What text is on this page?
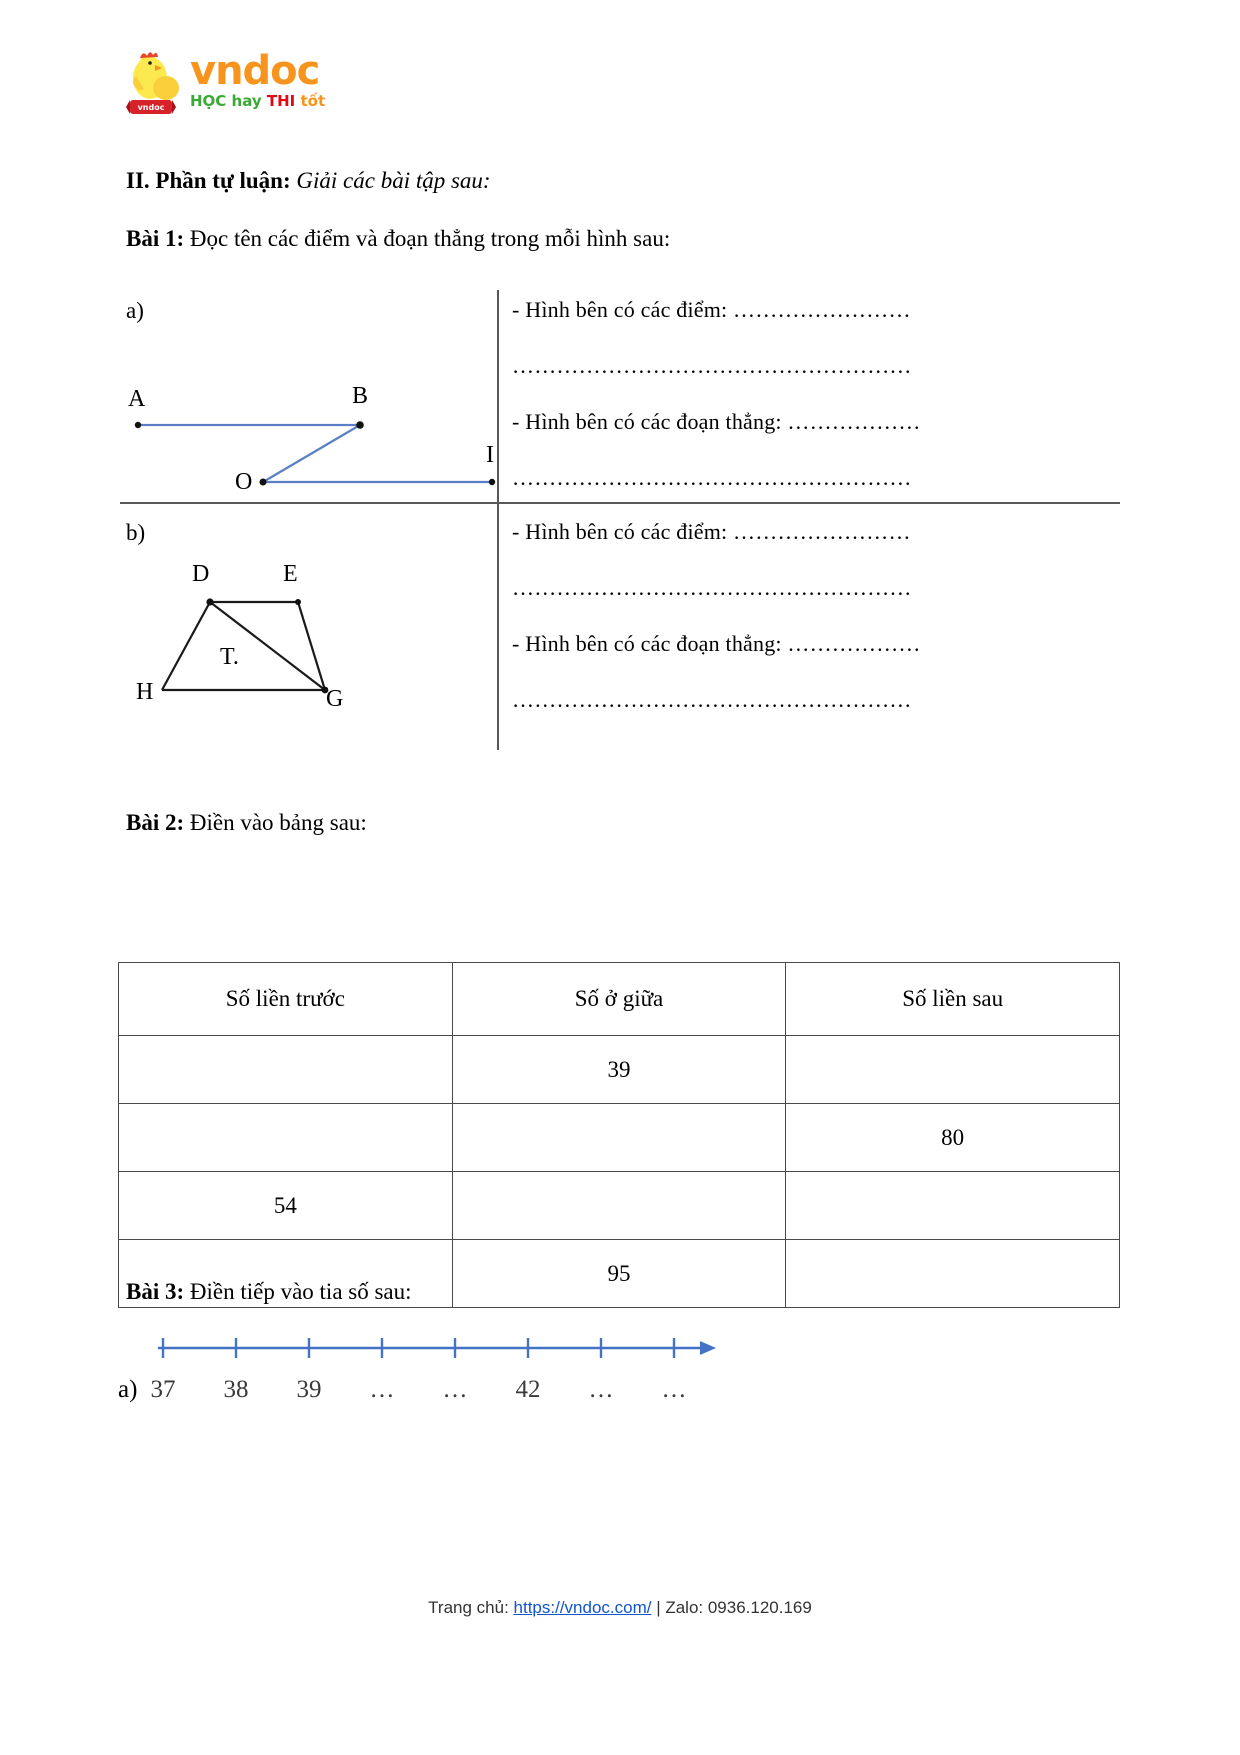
vndoc
vndoc
HỌC hay THI tốt
II. Phần tự luận: Giải các bài tập sau:
Bài 1: Đọc tên các điểm và đoạn thẳng trong mỗi hình sau:
a)
b)
A	B
O
I
D	E
H	G
T.
- Hình bên có các điểm: ……………………
………………………………………………
- Hình bên có các đoạn thẳng: ………………
………………………………………………
- Hình bên có các điểm: ……………………
………………………………………………
- Hình bên có các đoạn thẳng: ………………
………………………………………………
Bài 2: Điền vào bảng sau:
Số liền trước	Số ở giữa	Số liền sau
	39	
		80
54		
	95	
Bài 3: Điền tiếp vào tia số sau:
a) 37	38	39	…	…	42	…	…
Trang chủ: https://vndoc.com/ | Zalo: 0936.120.169
